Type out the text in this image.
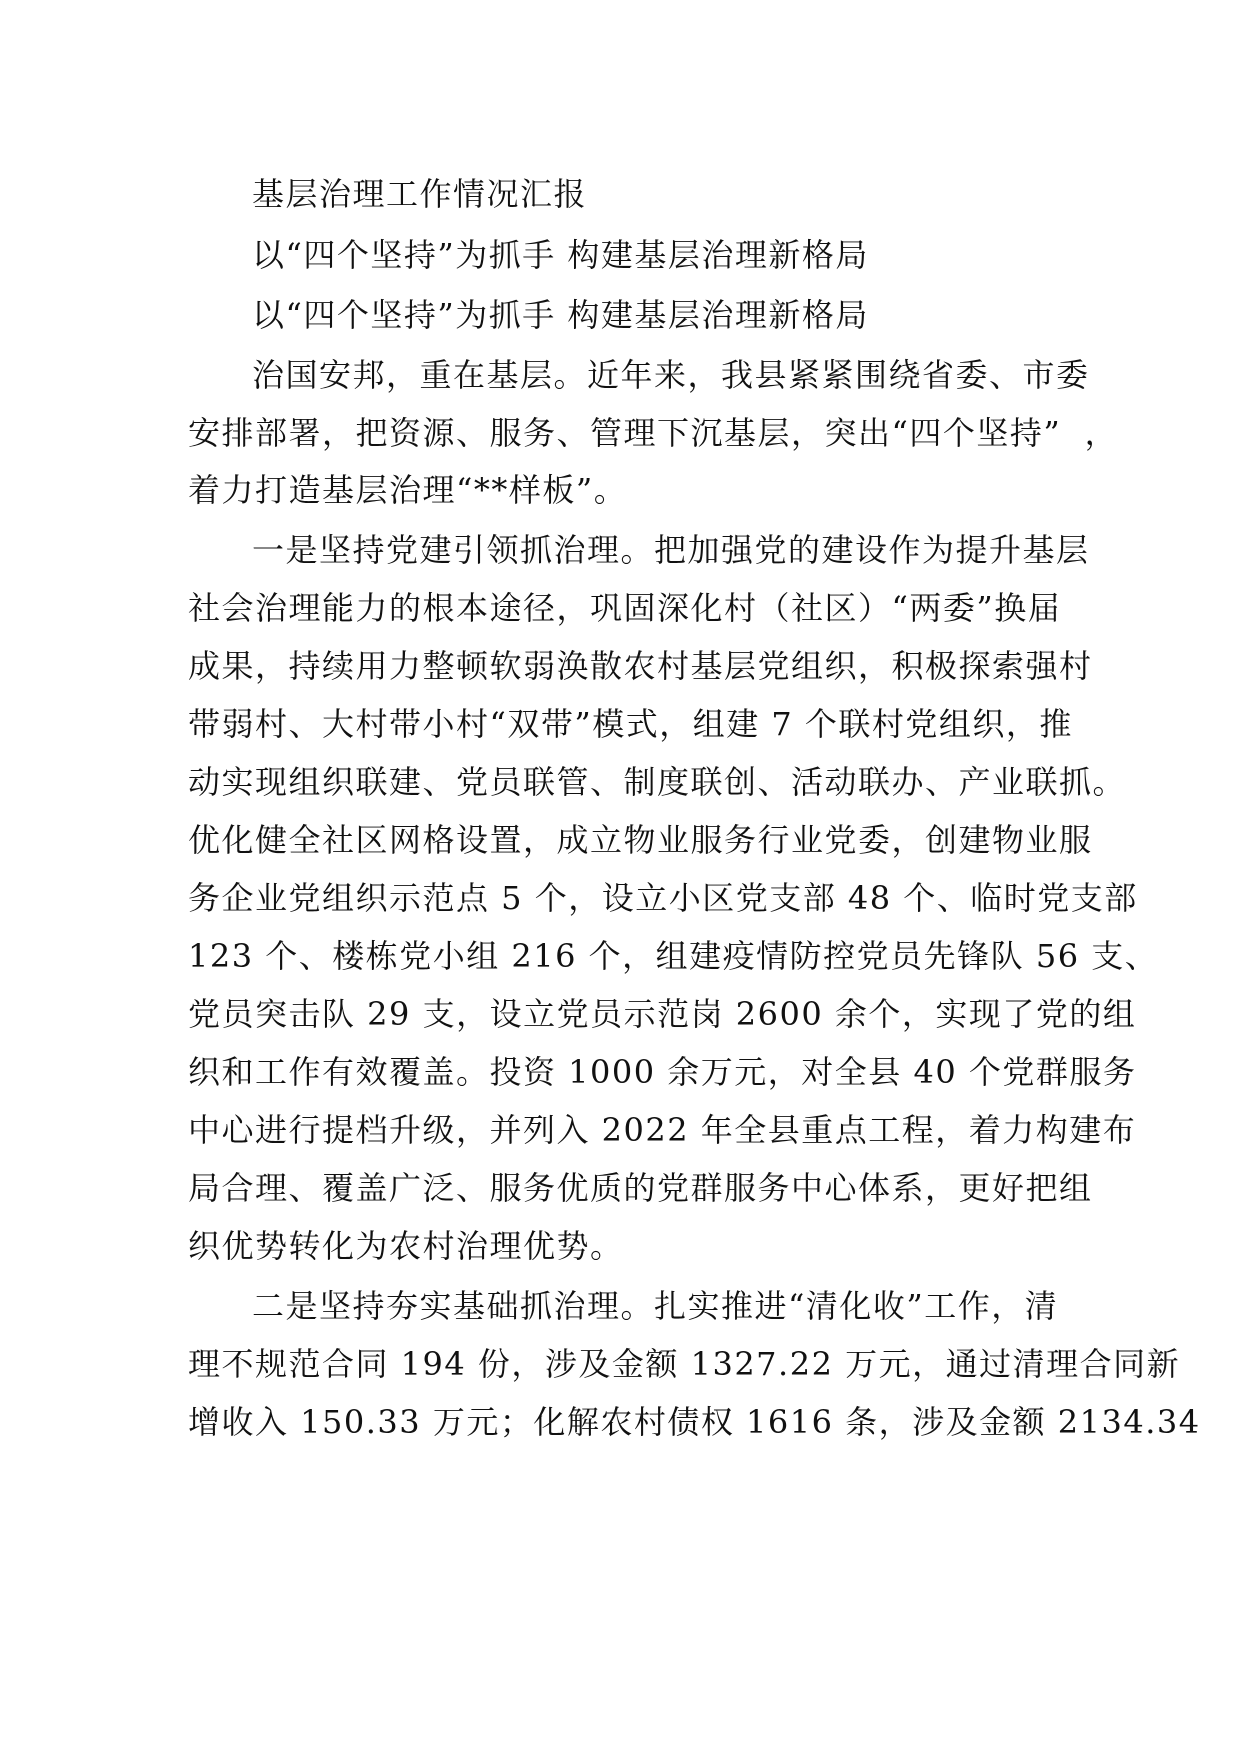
基层治理工作情况汇报
以“四个坚持”为抓手 构建基层治理新格局
以“四个坚持”为抓手 构建基层治理新格局
治国安邦，重在基层。近年来，我县紧紧围绕省委、市委
安排部署，把资源、服务、管理下沉基层，突出“四个坚持”  ，
着力打造基层治理“**样板”。
一是坚持党建引领抓治理。把加强党的建设作为提升基层
社会治理能力的根本途径，巩固深化村（社区）“两委”换届
成果，持续用力整顿软弱涣散农村基层党组织，积极探索强村
带弱村、大村带小村“双带”模式，组建 7 个联村党组织，推
动实现组织联建、党员联管、制度联创、活动联办、产业联抓。
优化健全社区网格设置，成立物业服务行业党委，创建物业服
务企业党组织示范点 5 个，设立小区党支部 48 个、临时党支部
123 个、楼栋党小组 216 个，组建疫情防控党员先锋队 56 支、
党员突击队 29 支，设立党员示范岗 2600 余个，实现了党的组
织和工作有效覆盖。投资 1000 余万元，对全县 40 个党群服务
中心进行提档升级，并列入 2022 年全县重点工程，着力构建布
局合理、覆盖广泛、服务优质的党群服务中心体系，更好把组
织优势转化为农村治理优势。
二是坚持夯实基础抓治理。扎实推进“清化收”工作，清
理不规范合同 194 份，涉及金额 1327.22 万元，通过清理合同新
增收入 150.33 万元；化解农村债权 1616 条，涉及金额 2134.34
